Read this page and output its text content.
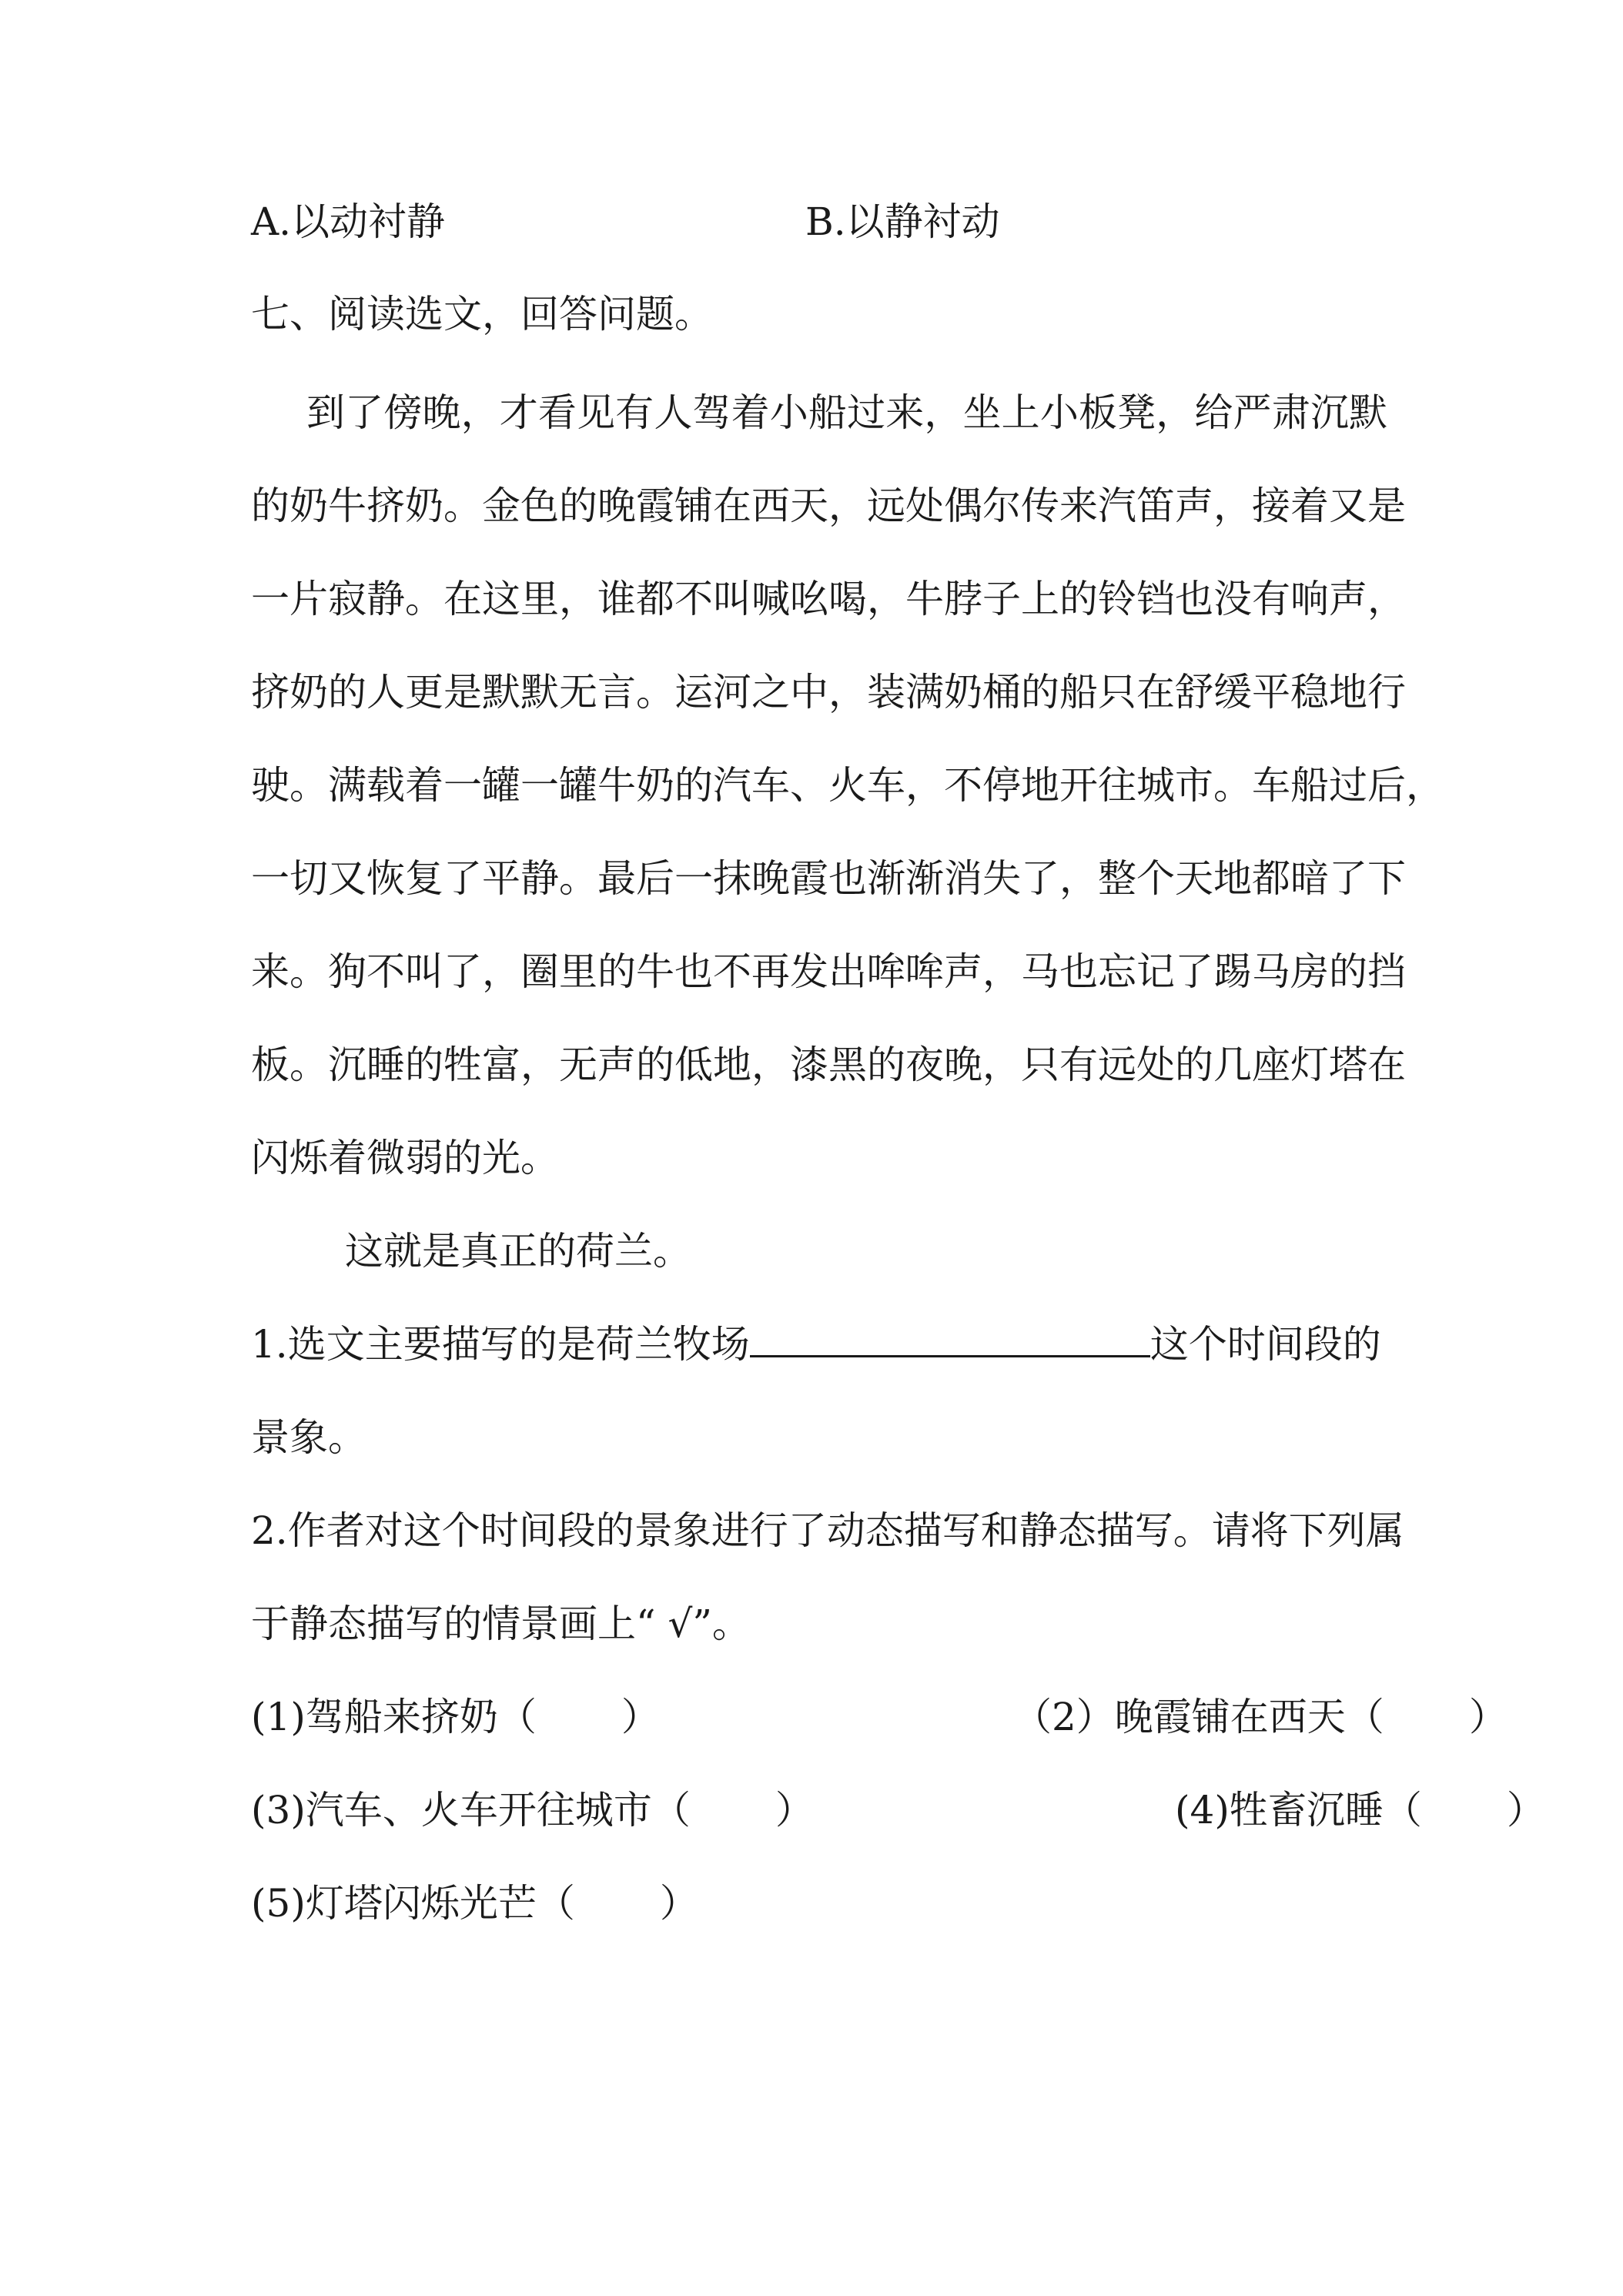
A.以动衬静	B.以静衬动
七、阅读选文，回答问题。
到了傍晚，才看见有人驾着小船过来，坐上小板凳，给严肃沉默
的奶牛挤奶。金色的晚霞铺在西天，远处偶尔传来汽笛声，接着又是
一片寂静。在这里，谁都不叫喊吆喝，牛脖子上的铃铛也没有响声，
挤奶的人更是默默无言。运河之中，装满奶桶的船只在舒缓平稳地行
驶。满载着一罐一罐牛奶的汽车、火车，不停地开往城市。车船过后，
一切又恢复了平静。最后一抹晚霞也渐渐消失了，整个天地都暗了下
来。狗不叫了，圈里的牛也不再发出哞哞声，马也忘记了踢马房的挡
板。沉睡的牲富，无声的低地，漆黑的夜晚，只有远处的几座灯塔在
闪烁着微弱的光。
这就是真正的荷兰。
1.选文主要描写的是荷兰牧场	这个时间段的
景象。
2.作者对这个时间段的景象进行了动态描写和静态描写。请将下列属
于静态描写的情景画上“ √”。
(1)驾船来挤奶（ ）	（2）晚霞铺在西天（ ）
(3)汽车、火车开往城市（ ）	(4)牲畜沉睡（ ）
(5)灯塔闪烁光芒（ ）
